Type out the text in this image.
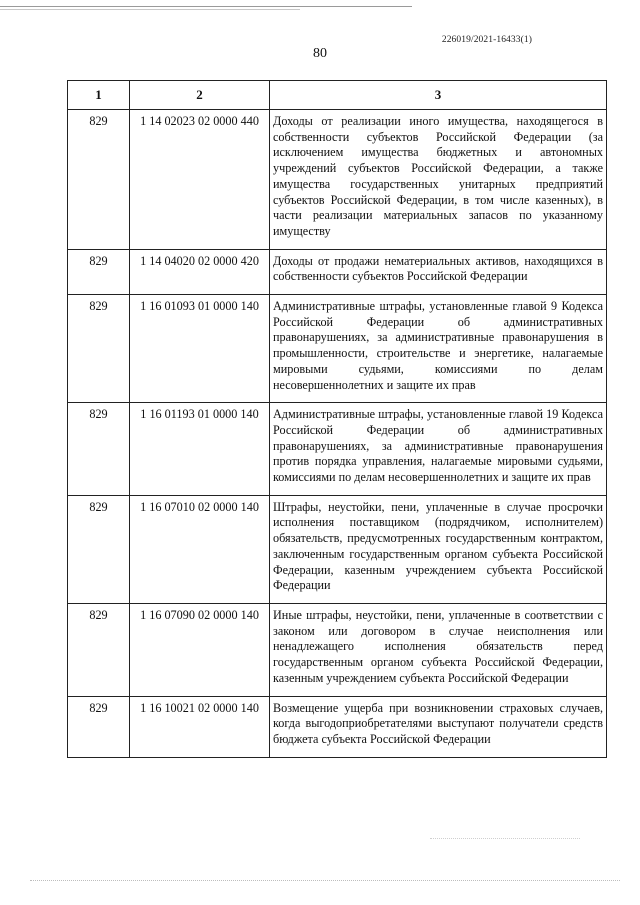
226019/2021-16433(1)
80
1	2	3
829	1 14 02023 02 0000 440	Доходы от реализации иного имущества, находящегося в собственности субъектов Российской Федерации (за исключением имущества бюджетных и автономных учреждений субъектов Российской Федерации, а также имущества государственных унитарных предприятий субъектов Российской Федерации, в том числе казенных), в части реализации материальных запасов по указанному имуществу
829	1 14 04020 02 0000 420	Доходы от продажи нематериальных активов, находящихся в собственности субъектов Российской Федерации
829	1 16 01093 01 0000 140	Административные штрафы, установленные главой 9 Кодекса Российской Федерации об административных правонарушениях, за административные правонарушения в промышленности, строительстве и энергетике, налагаемые мировыми судьями, комиссиями по делам несовершеннолетних и защите их прав
829	1 16 01193 01 0000 140	Административные штрафы, установленные главой 19 Кодекса Российской Федерации об административных правонарушениях, за административные правонарушения против порядка управления, налагаемые мировыми судьями, комиссиями по делам несовершеннолетних и защите их прав
829	1 16 07010 02 0000 140	Штрафы, неустойки, пени, уплаченные в случае просрочки исполнения поставщиком (подрядчиком, исполнителем) обязательств, предусмотренных государственным контрактом, заключенным государственным органом субъекта Российской Федерации, казенным учреждением субъекта Российской Федерации
829	1 16 07090 02 0000 140	Иные штрафы, неустойки, пени, уплаченные в соответствии с законом или договором в случае неисполнения или ненадлежащего исполнения обязательств перед государственным органом субъекта Российской Федерации, казенным учреждением субъекта Российской Федерации
829	1 16 10021 02 0000 140	Возмещение ущерба при возникновении страховых случаев, когда выгодоприобретателями выступают получатели средств бюджета субъекта Российской Федерации
